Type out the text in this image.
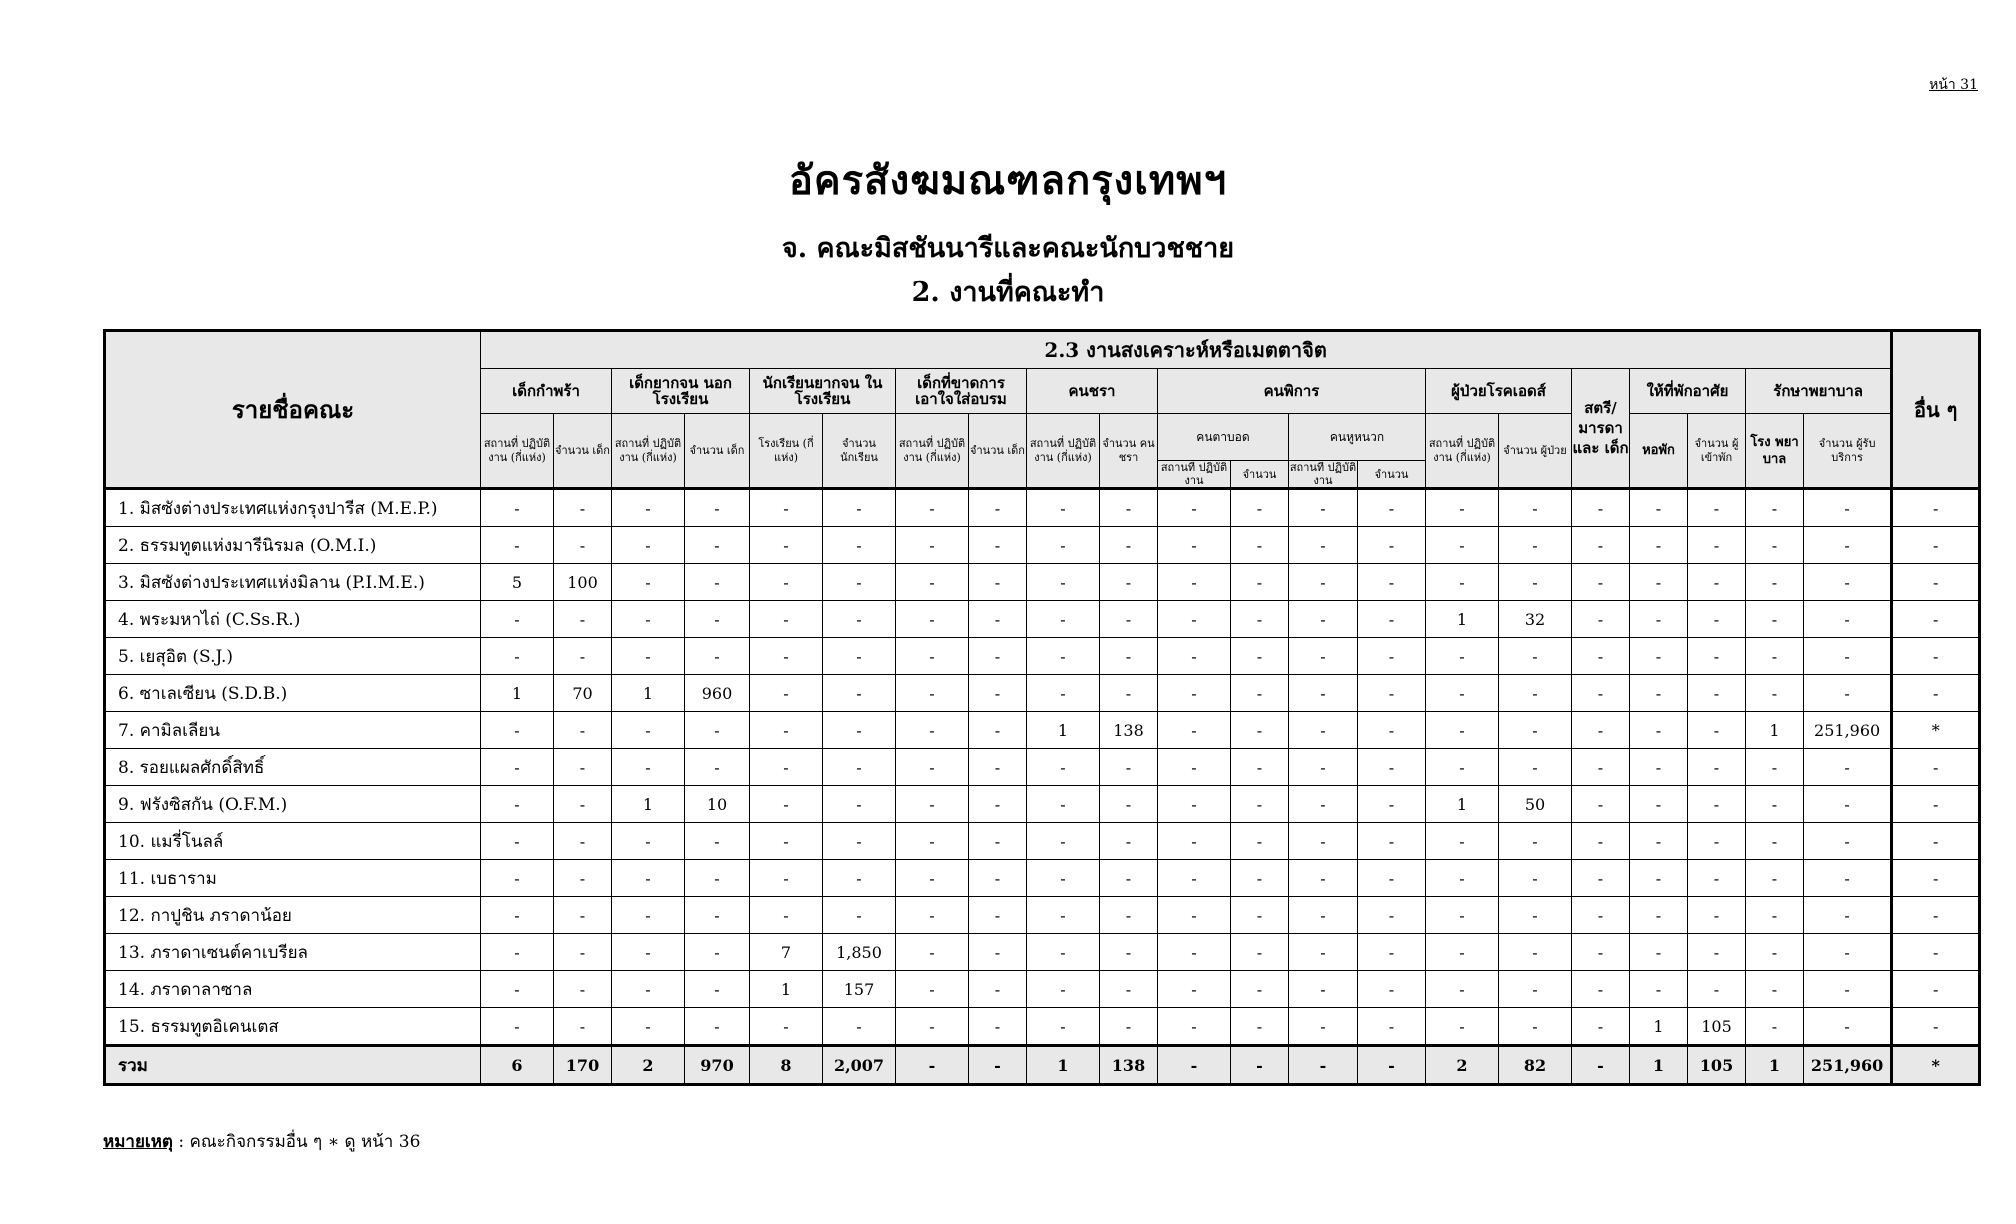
หน้า 31
อัครสังฆมณฑลกรุงเทพฯ
จ. คณะมิสชันนารีและคณะนักบวชชาย
2. งานที่คณะทำ
รายชื่อคณะ	2.3 งานสงเคราะห์หรือเมตตาจิต																					อื่น ๆ
	เด็กกำพร้า		เด็กยากจน นอกโรงเรียน		นักเรียนยากจน ในโรงเรียน		เด็กที่ขาดการ เอาใจใส่อบรม		คนชรา		คนพิการ				ผู้ป่วยโรคเอดส์		สตรี/ มารดา และ เด็ก	ให้ที่พักอาศัย		รักษาพยาบาล		
	สถานที่ ปฏิบัติงาน (กี่แห่ง)	จำนวน เด็ก	สถานที่ ปฏิบัติงาน (กี่แห่ง)	จำนวน เด็ก	โรงเรียน (กี่แห่ง)	จำนวน นักเรียน	สถานที่ ปฏิบัติงาน (กี่แห่ง)	จำนวน เด็ก	สถานที่ ปฏิบัติงาน (กี่แห่ง)	จำนวน คนชรา	คนตาบอด		คนหูหนวก		สถานที่ ปฏิบัติงาน (กี่แห่ง)	จำนวน ผู้ป่วย		หอพัก	จำนวน ผู้เข้าพัก	โรง พยา บาล	จำนวน ผู้รับบริการ	
											สถานที่ ปฏิบัติงาน	จำนวน	สถานที่ ปฏิบัติงาน	จำนวน								
1. มิสซังต่างประเทศแห่งกรุงปารีส (M.E.P.)	-	-	-	-	-	-	-	-	-	-	-	-	-	-	-	-	-	-	-	-	-	-
2. ธรรมทูตแห่งมารีนิรมล (O.M.I.)	-	-	-	-	-	-	-	-	-	-	-	-	-	-	-	-	-	-	-	-	-	-
3. มิสซังต่างประเทศแห่งมิลาน (P.I.M.E.)	5	100	-	-	-	-	-	-	-	-	-	-	-	-	-	-	-	-	-	-	-	-
4. พระมหาไถ่ (C.Ss.R.)	-	-	-	-	-	-	-	-	-	-	-	-	-	-	1	32	-	-	-	-	-	-
5. เยสุอิต (S.J.)	-	-	-	-	-	-	-	-	-	-	-	-	-	-	-	-	-	-	-	-	-	-
6. ซาเลเซียน (S.D.B.)	1	70	1	960	-	-	-	-	-	-	-	-	-	-	-	-	-	-	-	-	-	-
7. คามิลเลียน	-	-	-	-	-	-	-	-	1	138	-	-	-	-	-	-	-	-	-	1	251,960	*
8. รอยแผลศักดิ์สิทธิ์	-	-	-	-	-	-	-	-	-	-	-	-	-	-	-	-	-	-	-	-	-	-
9. ฟรังซิสกัน (O.F.M.)	-	-	1	10	-	-	-	-	-	-	-	-	-	-	1	50	-	-	-	-	-	-
10. แมรี่โนลล์	-	-	-	-	-	-	-	-	-	-	-	-	-	-	-	-	-	-	-	-	-	-
11. เบธาราม	-	-	-	-	-	-	-	-	-	-	-	-	-	-	-	-	-	-	-	-	-	-
12. กาปูชิน ภราดาน้อย	-	-	-	-	-	-	-	-	-	-	-	-	-	-	-	-	-	-	-	-	-	-
13. ภราดาเซนต์คาเบรียล	-	-	-	-	7	1,850	-	-	-	-	-	-	-	-	-	-	-	-	-	-	-	-
14. ภราดาลาซาล	-	-	-	-	1	157	-	-	-	-	-	-	-	-	-	-	-	-	-	-	-	-
15. ธรรมทูตอิเคนเตส	-	-	-	-	-	-	-	-	-	-	-	-	-	-	-	-	-	1	105	-	-	-
รวม	6	170	2	970	8	2,007	-	-	1	138	-	-	-	-	2	82	-	1	105	1	251,960	*
หมายเหตุ : คณะกิจกรรมอื่น ๆ ∗ ดู หน้า 36
